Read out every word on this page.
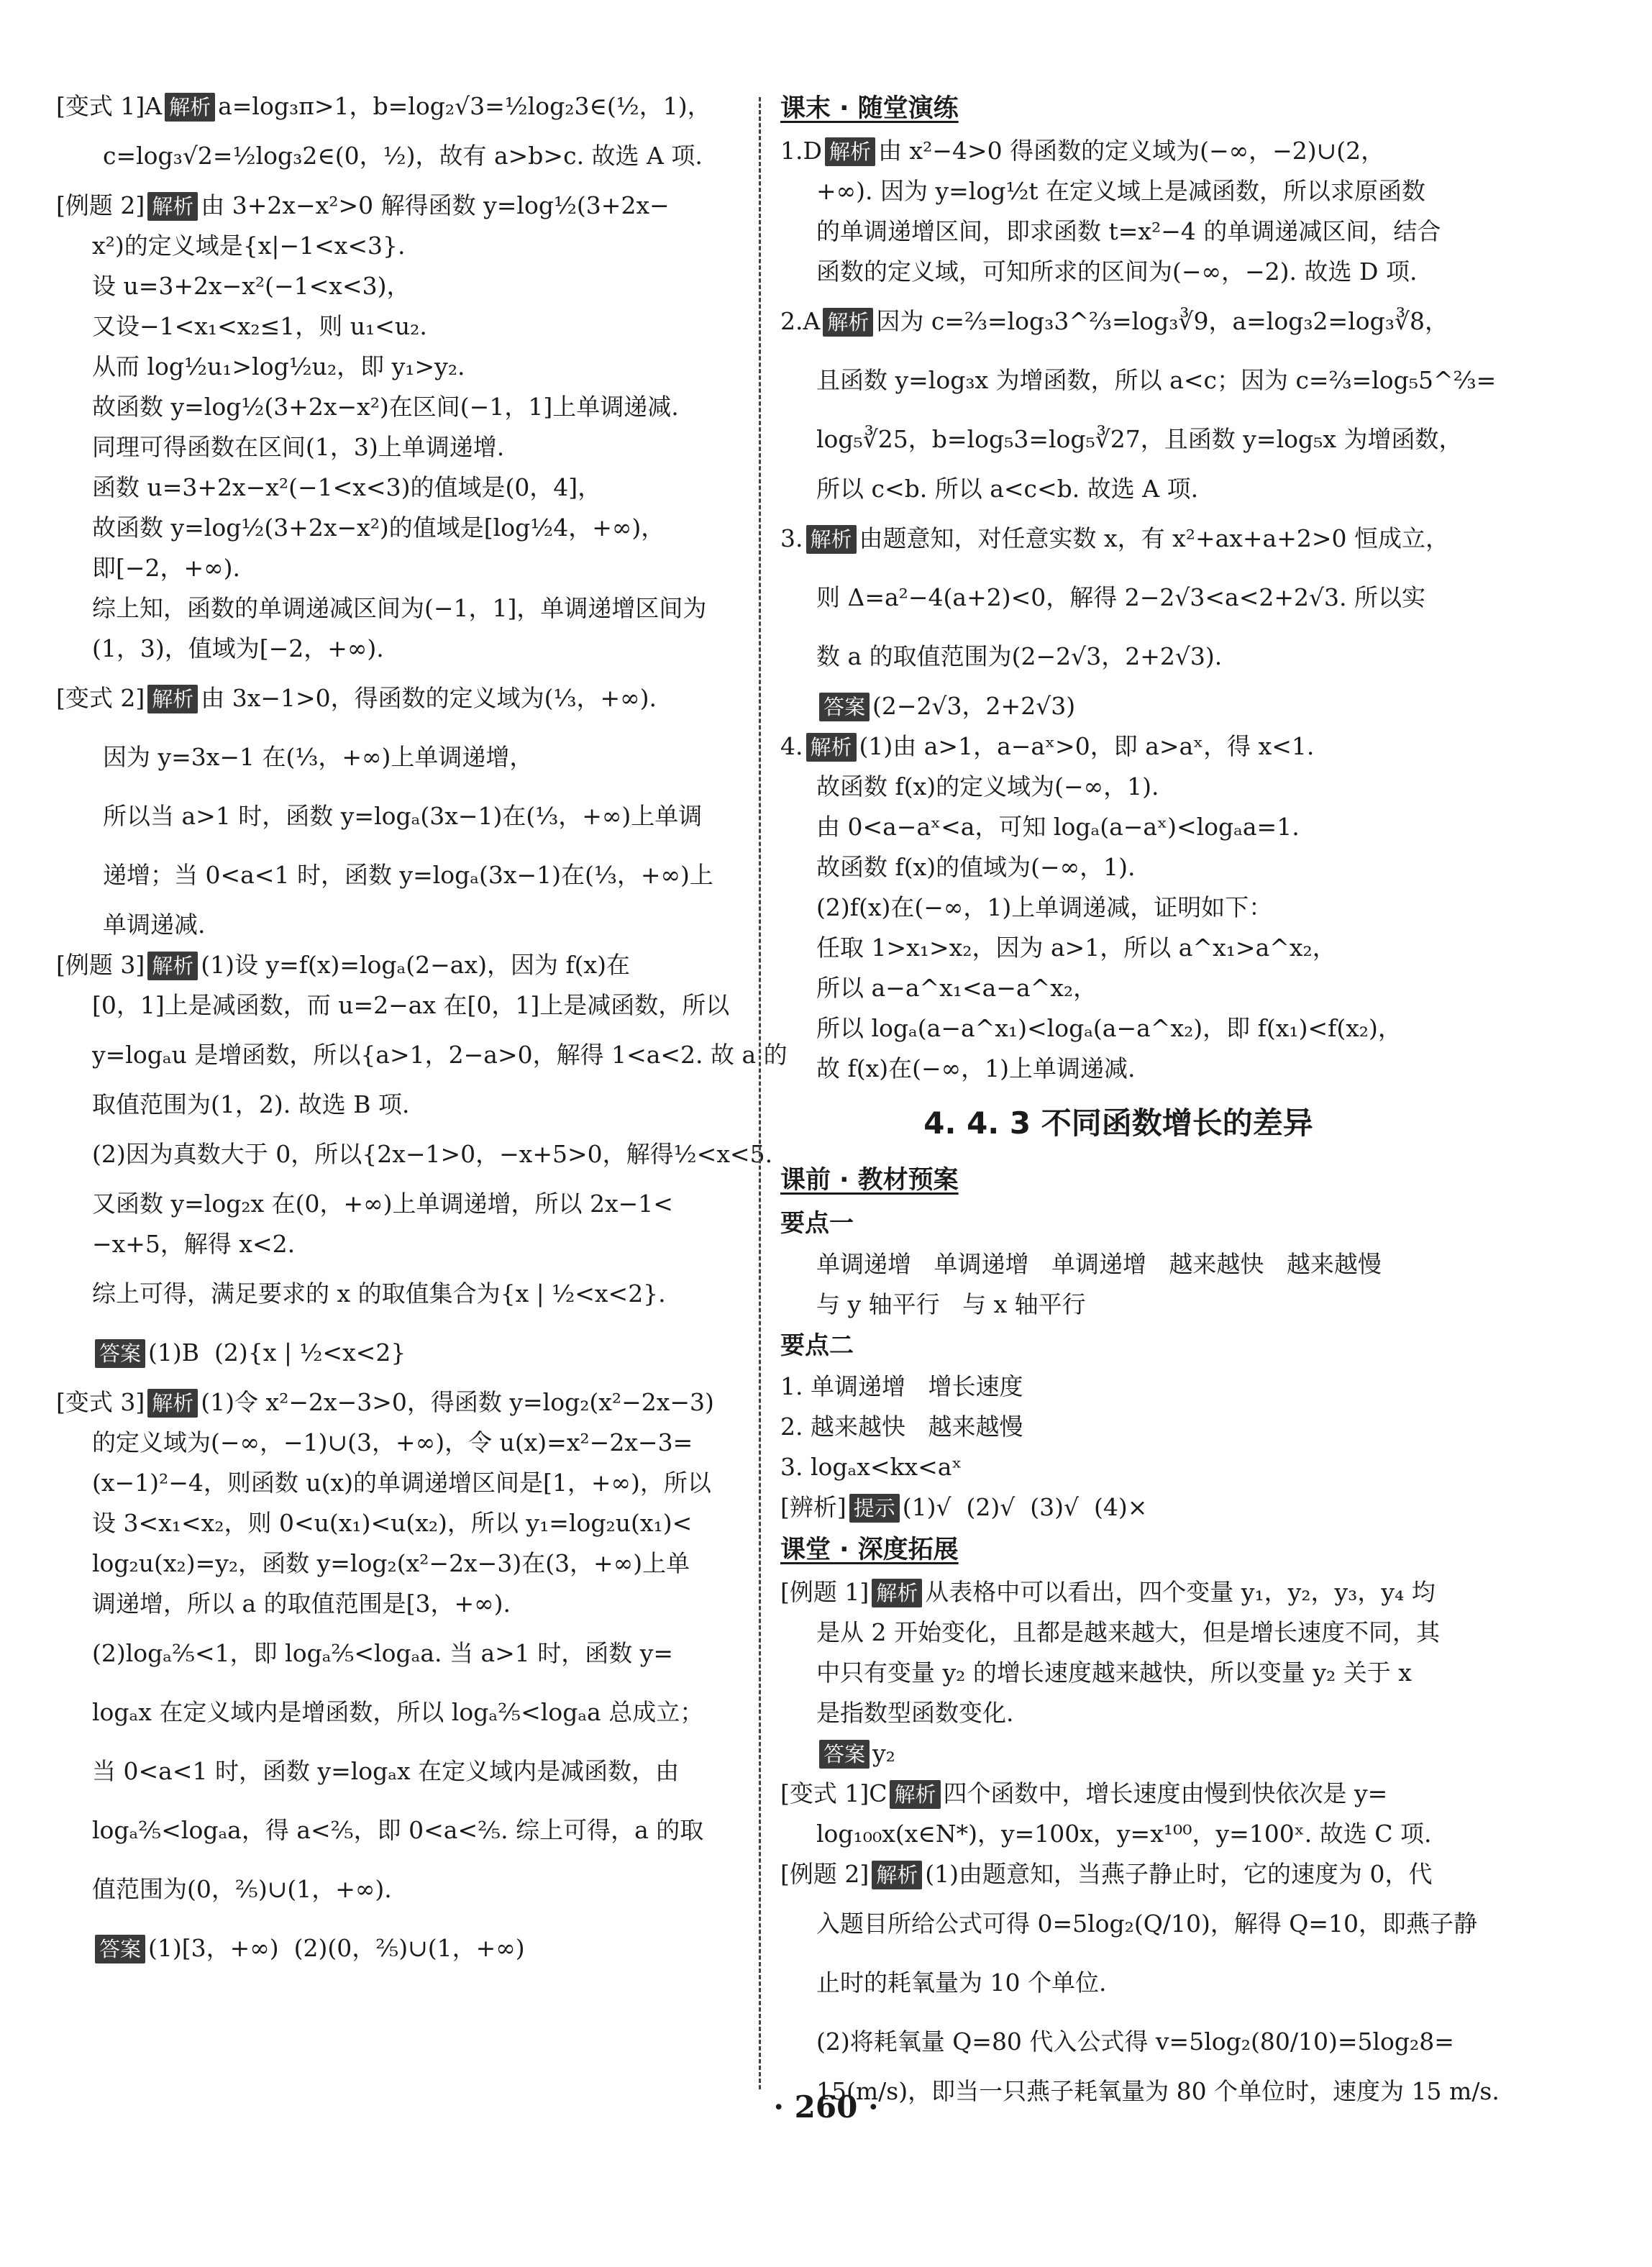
[变式 1]A 解析 a=log₃π>1，b=log₂√3=½log₂3∈(½，1)，

c=log₃√2=½log₃2∈(0，½)，故有 a>b>c. 故选 A 项.

[例题 2] 解析 由 3+2x−x²>0 解得函数 y=log½(3+2x−

x²)的定义域是{x|−1<x<3}.

设 u=3+2x−x²(−1<x<3)，

又设−1<x₁<x₂≤1，则 u₁<u₂.

从而 log½u₁>log½u₂，即 y₁>y₂.

故函数 y=log½(3+2x−x²)在区间(−1，1]上单调递减.

同理可得函数在区间(1，3)上单调递增.

函数 u=3+2x−x²(−1<x<3)的值域是(0，4]，

故函数 y=log½(3+2x−x²)的值域是[log½4，+∞)，

即[−2，+∞).

综上知，函数的单调递减区间为(−1，1]，单调递增区间为

(1，3)，值域为[−2，+∞).

[变式 2] 解析 由 3x−1>0，得函数的定义域为(⅓，+∞).

因为 y=3x−1 在(⅓，+∞)上单调递增，

所以当 a>1 时，函数 y=logₐ(3x−1)在(⅓，+∞)上单调

递增；当 0<a<1 时，函数 y=logₐ(3x−1)在(⅓，+∞)上

单调递减.

[例题 3] 解析 (1)设 y=f(x)=logₐ(2−ax)，因为 f(x)在

[0，1]上是减函数，而 u=2−ax 在[0，1]上是减函数，所以

y=logₐu 是增函数，所以{a>1，2−a>0，解得 1<a<2. 故 a 的

取值范围为(1，2). 故选 B 项.

(2)因为真数大于 0，所以{2x−1>0，−x+5>0，解得½<x<5.

又函数 y=log₂x 在(0，+∞)上单调递增，所以 2x−1<

−x+5，解得 x<2.

综上可得，满足要求的 x 的取值集合为{x | ½<x<2}.

答案 (1)B  (2){x | ½<x<2}

[变式 3] 解析 (1)令 x²−2x−3>0，得函数 y=log₂(x²−2x−3)

的定义域为(−∞，−1)∪(3，+∞)，令 u(x)=x²−2x−3=

(x−1)²−4，则函数 u(x)的单调递增区间是[1，+∞)，所以

设 3<x₁<x₂，则 0<u(x₁)<u(x₂)，所以 y₁=log₂u(x₁)<

log₂u(x₂)=y₂，函数 y=log₂(x²−2x−3)在(3，+∞)上单

调递增，所以 a 的取值范围是[3，+∞).

(2)logₐ⅖<1，即 logₐ⅖<logₐa. 当 a>1 时，函数 y=

logₐx 在定义域内是增函数，所以 logₐ⅖<logₐa 总成立；

当 0<a<1 时，函数 y=logₐx 在定义域内是减函数，由

logₐ⅖<logₐa，得 a<⅖，即 0<a<⅖. 综上可得，a 的取

值范围为(0，⅖)∪(1，+∞).

答案 (1)[3，+∞)  (2)(0，⅖)∪(1，+∞)

课末 · 随堂演练

1.D 解析 由 x²−4>0 得函数的定义域为(−∞，−2)∪(2，

+∞). 因为 y=log½t 在定义域上是减函数，所以求原函数

的单调递增区间，即求函数 t=x²−4 的单调递减区间，结合

函数的定义域，可知所求的区间为(−∞，−2). 故选 D 项.

2.A 解析 因为 c=⅔=log₃3^⅔=log₃∛9，a=log₃2=log₃∛8，

且函数 y=log₃x 为增函数，所以 a<c；因为 c=⅔=log₅5^⅔=

log₅∛25，b=log₅3=log₅∛27，且函数 y=log₅x 为增函数，

所以 c<b. 所以 a<c<b. 故选 A 项.

3. 解析 由题意知，对任意实数 x，有 x²+ax+a+2>0 恒成立，

则 Δ=a²−4(a+2)<0，解得 2−2√3<a<2+2√3. 所以实

数 a 的取值范围为(2−2√3，2+2√3).

答案 (2−2√3，2+2√3)

4. 解析 (1)由 a>1，a−aˣ>0，即 a>aˣ，得 x<1.

故函数 f(x)的定义域为(−∞，1).

由 0<a−aˣ<a，可知 logₐ(a−aˣ)<logₐa=1.

故函数 f(x)的值域为(−∞，1).

(2)f(x)在(−∞，1)上单调递减，证明如下：

任取 1>x₁>x₂，因为 a>1，所以 a^x₁>a^x₂，

所以 a−a^x₁<a−a^x₂，

所以 logₐ(a−a^x₁)<logₐ(a−a^x₂)，即 f(x₁)<f(x₂)，

故 f(x)在(−∞，1)上单调递减.

4. 4. 3 不同函数增长的差异
课前 · 教材预案
要点一

单调递增   单调递增   单调递增   越来越快   越来越慢

与 y 轴平行   与 x 轴平行

要点二

1. 单调递增   增长速度

2. 越来越快   越来越慢

3. logₐx<kx<aˣ

[辨析] 提示 (1)√  (2)√  (3)√  (4)×

课堂 · 深度拓展

[例题 1] 解析 从表格中可以看出，四个变量 y₁，y₂，y₃，y₄ 均

是从 2 开始变化，且都是越来越大，但是增长速度不同，其

中只有变量 y₂ 的增长速度越来越快，所以变量 y₂ 关于 x

是指数型函数变化.

答案 y₂

[变式 1]C 解析 四个函数中，增长速度由慢到快依次是 y=

log₁₀₀x(x∈N*)，y=100x，y=x¹⁰⁰，y=100ˣ. 故选 C 项.

[例题 2] 解析 (1)由题意知，当燕子静止时，它的速度为 0，代

入题目所给公式可得 0=5log₂(Q/10)，解得 Q=10，即燕子静

止时的耗氧量为 10 个单位.

(2)将耗氧量 Q=80 代入公式得 v=5log₂(80/10)=5log₂8=

15(m/s)，即当一只燕子耗氧量为 80 个单位时，速度为 15 m/s.

· 260 ·
